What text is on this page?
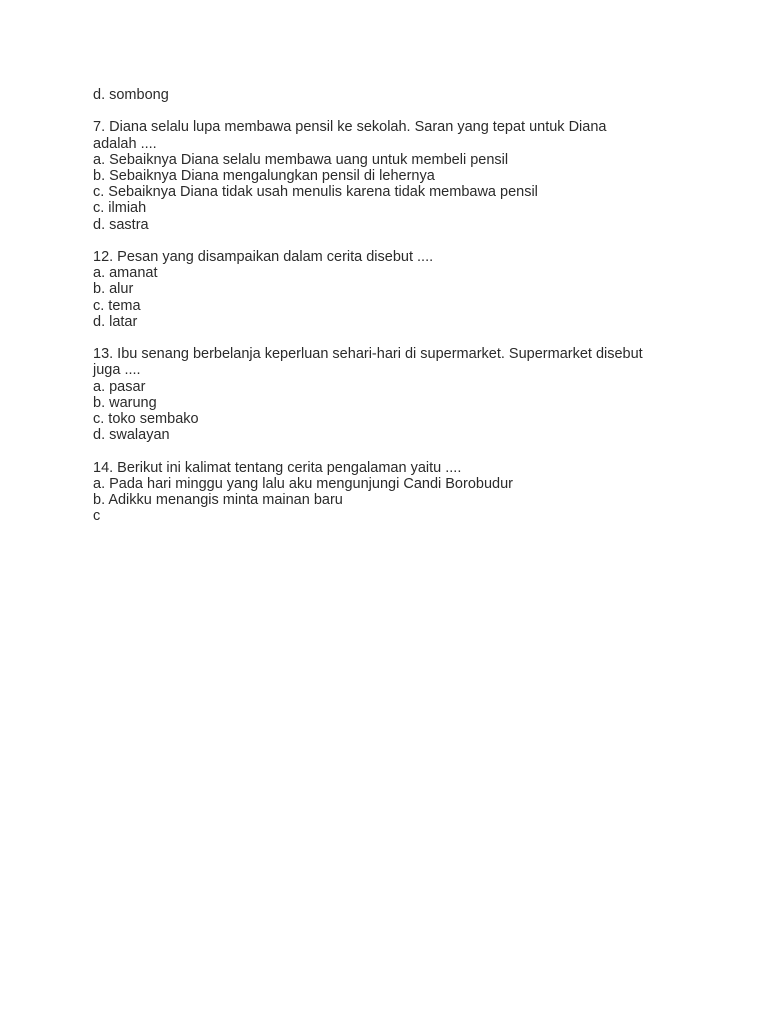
d. sombong
7. Diana selalu lupa membawa pensil ke sekolah. Saran yang tepat untuk Diana
adalah ....
a. Sebaiknya Diana selalu membawa uang untuk membeli pensil
b. Sebaiknya Diana mengalungkan pensil di lehernya
c. Sebaiknya Diana tidak usah menulis karena tidak membawa pensil
c. ilmiah
d. sastra
12. Pesan yang disampaikan dalam cerita disebut ....
a. amanat
b. alur
c. tema
d. latar
13. Ibu senang berbelanja keperluan sehari-hari di supermarket. Supermarket disebut
juga ....
a. pasar
b. warung
c. toko sembako
d. swalayan
14. Berikut ini kalimat tentang cerita pengalaman yaitu ....
a. Pada hari minggu yang lalu aku mengunjungi Candi Borobudur
b. Adikku menangis minta mainan baru
c
